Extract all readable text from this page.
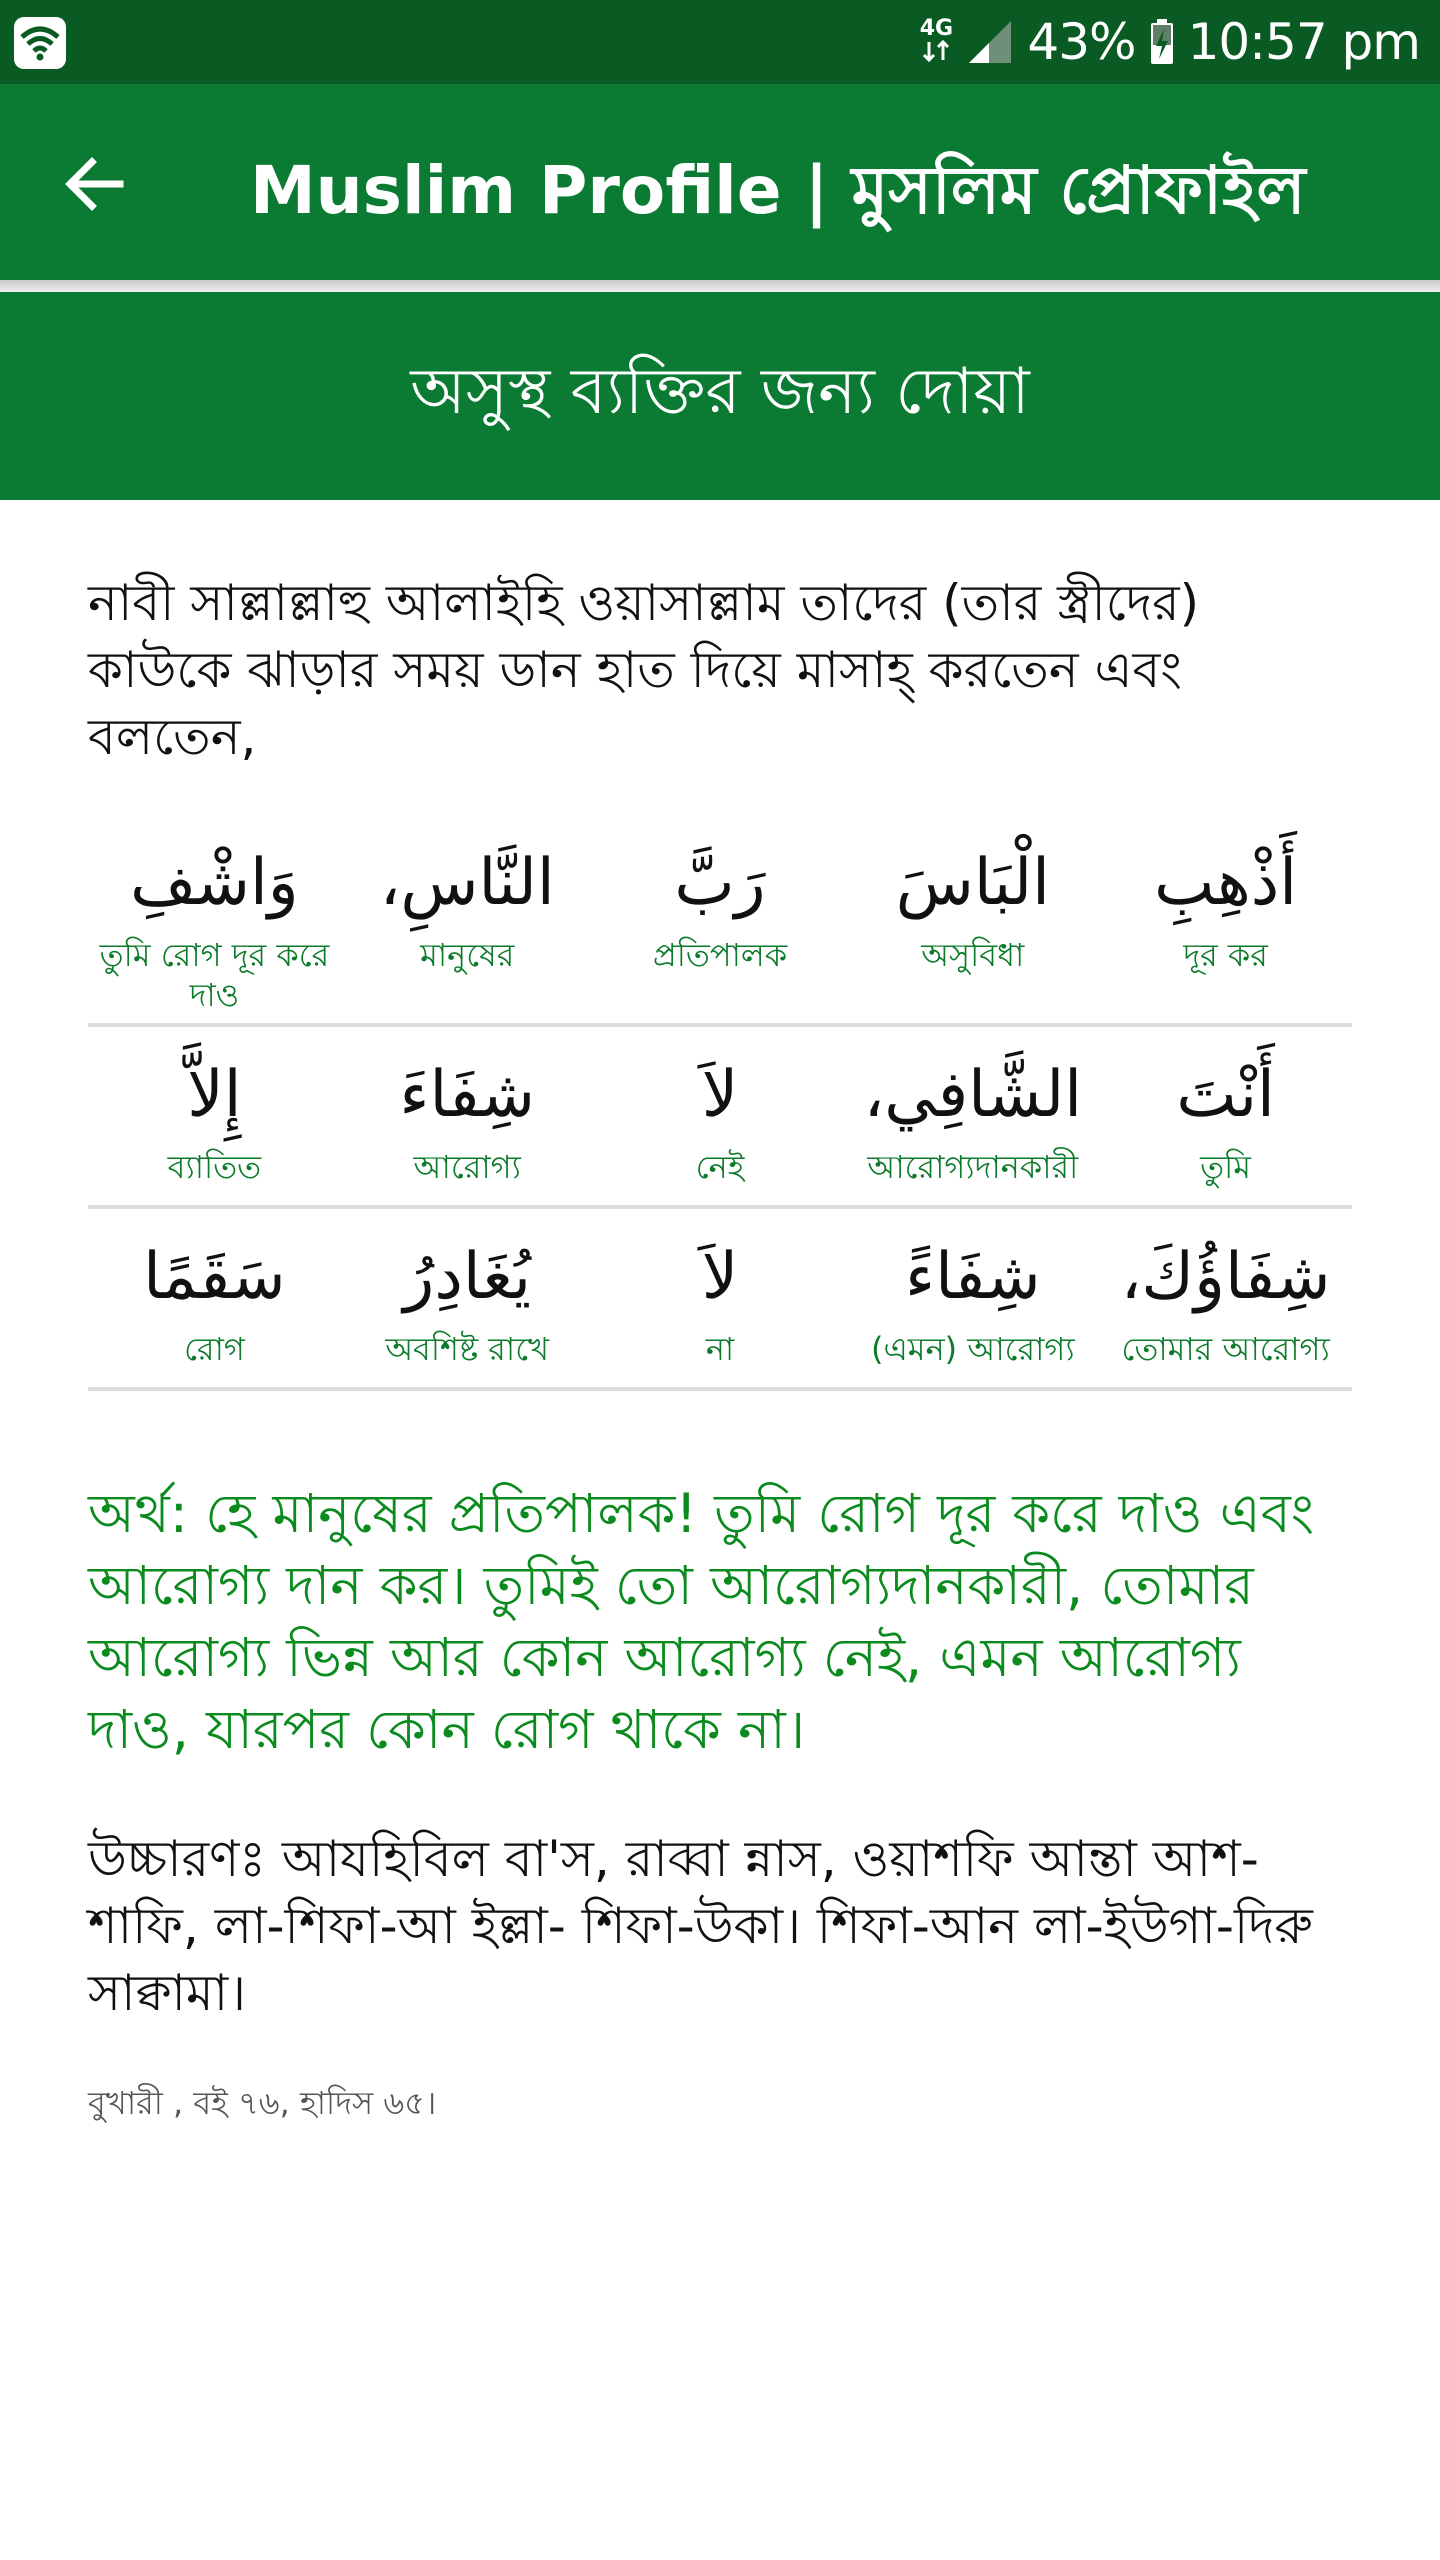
4G 43% 10:57 pm
Muslim Profile | মুসলিম প্রোফাইল
অসুস্থ ব্যক্তির জন্য দোয়া

নাবী সাল্লাল্লাহু আলাইহি ওয়াসাল্লাম তাদের (তার স্ত্রীদের) কাউকে ঝাড়ার সময় ডান হাত দিয়ে মাসাহ্ করতেন এবং বলতেন,

أَذْهِبِ
দূর কর
الْبَاسَ
অসুবিধা
رَبَّ
প্রতিপালক
النَّاسِ،
মানুষের
وَاشْفِ
তুমি রোগ দূর করে দাও
أَنْتَ
তুমি
الشَّافِي،
আরোগ্যদানকারী
لاَ
নেই
شِفَاءَ
আরোগ্য
إِلاَّ
ব্যাতিত
شِفَاؤُكَ،
তোমার আরোগ্য
شِفَاءً
(এমন) আরোগ্য
لاَ
না
يُغَادِرُ
অবশিষ্ট রাখে
سَقَمًا
রোগ

অর্থ: হে মানুষের প্রতিপালক! তুমি রোগ দূর করে দাও এবং আরোগ্য দান কর। তুমিই তো আরোগ্যদানকারী, তোমার আরোগ্য ভিন্ন আর কোন আরোগ্য নেই, এমন আরোগ্য দাও, যারপর কোন রোগ থাকে না।

উচ্চারণঃ আযহিবিল বা'স, রাব্বা ন্নাস, ওয়াশফি আন্তা আশ-শাফি, লা-শিফা-আ ইল্লা- শিফা-উকা। শিফা-আন লা-ইউগা-দিরু সাক্বামা।

বুখারী , বই ৭৬, হাদিস ৬৫।
